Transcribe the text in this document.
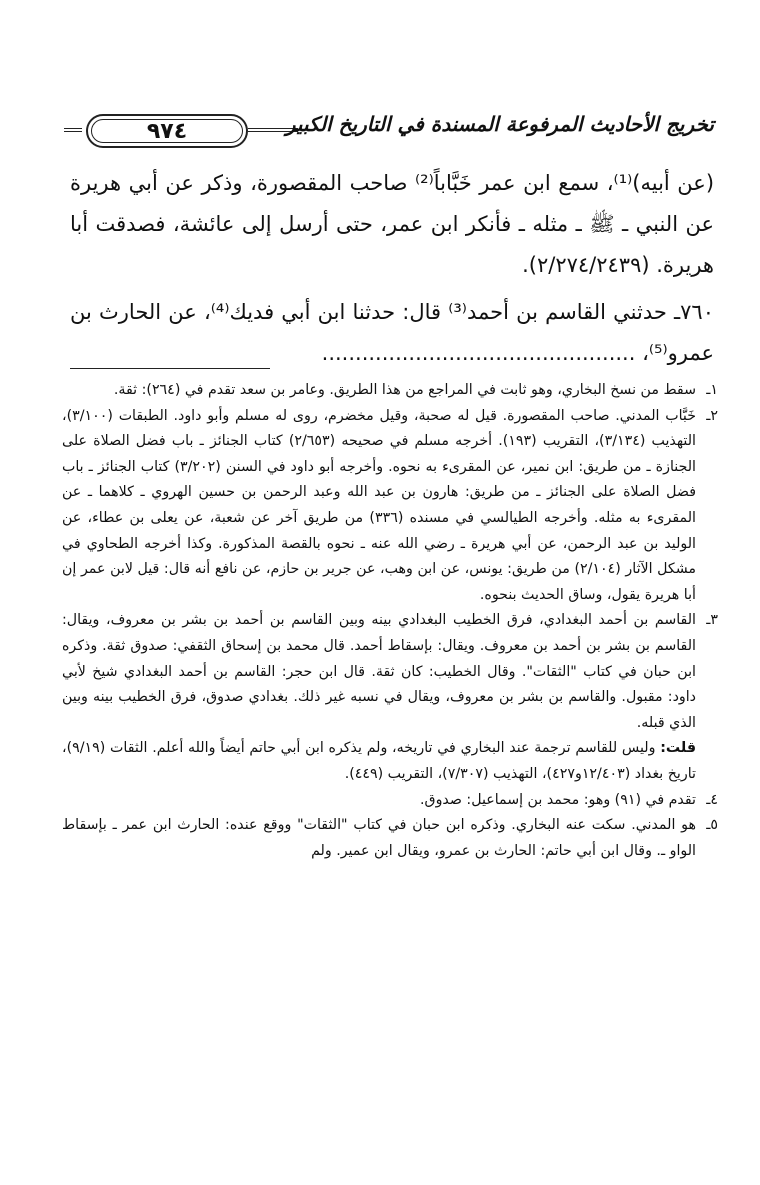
٩٧٤	تخريج الأحاديث المرفوعة المسندة في التاريخ الكبير

(عن أبيه)⁽¹⁾، سمع ابن عمر خَبَّاباً⁽²⁾ صاحب المقصورة، وذكر عن أبي هريرة عن النبي ـ ﷺ ـ مثله ـ فأنكر ابن عمر، حتى أرسل إلى عائشة، فصدقت أبا هريرة. (٢/٢٧٤/٢٤٣٩).

٧٦٠ـ حدثني القاسم بن أحمد⁽³⁾ قال: حدثنا ابن أبي فديك⁽⁴⁾، عن الحارث بن عمرو⁽⁵⁾، ...............................................

١ـ
سقط من نسخ البخاري، وهو ثابت في المراجع من هذا الطريق. وعامر بن سعد تقدم في (٢٦٤): ثقة.
٢ـ
خَبَّاب المدني. صاحب المقصورة. قيل له صحبة، وقيل مخضرم، روى له مسلم وأبو داود. الطبقات (٣/١٠٠)، التهذيب (٣/١٣٤)، التقريب (١٩٣). أخرجه مسلم في صحيحه (٢/٦٥٣) كتاب الجنائز ـ باب فضل الصلاة على الجنازة ـ من طريق: ابن نمير، عن المقرىء به نحوه. وأخرجه أبو داود في السنن (٣/٢٠٢) كتاب الجنائز ـ باب فضل الصلاة على الجنائز ـ من طريق: هارون بن عبد الله وعبد الرحمن بن حسين الهروي ـ كلاهما ـ عن المقرىء به مثله. وأخرجه الطيالسي في مسنده (٣٣٦) من طريق آخر عن شعبة، عن يعلى بن عطاء، عن الوليد بن عبد الرحمن، عن أبي هريرة ـ رضي الله عنه ـ نحوه بالقصة المذكورة. وكذا أخرجه الطحاوي في مشكل الآثار (٢/١٠٤) من طريق: يونس، عن ابن وهب، عن جرير بن حازم، عن نافع أنه قال: قيل لابن عمر إن أبا هريرة يقول، وساق الحديث بنحوه.
٣ـ
القاسم بن أحمد البغدادي، فرق الخطيب البغدادي بينه وبين القاسم بن أحمد بن بشر بن معروف، ويقال: القاسم بن بشر بن أحمد بن معروف. ويقال: بإسقاط أحمد. قال محمد بن إسحاق الثقفي: صدوق ثقة. وذكره ابن حبان في كتاب "الثقات". وقال الخطيب: كان ثقة. قال ابن حجر: القاسم بن أحمد البغدادي شيخ لأبي داود: مقبول. والقاسم بن بشر بن معروف، ويقال في نسبه غير ذلك. بغدادي صدوق، فرق الخطيب بينه وبين الذي قبله.
قلت: وليس للقاسم ترجمة عند البخاري في تاريخه، ولم يذكره ابن أبي حاتم أيضاً والله أعلم. الثقات (٩/١٩)، تاريخ بغداد (١٢/٤٠٣و٤٢٧)، التهذيب (٧/٣٠٧)، التقريب (٤٤٩).
٤ـ
تقدم في (٩١) وهو: محمد بن إسماعيل: صدوق.
٥ـ
هو المدني. سكت عنه البخاري. وذكره ابن حبان في كتاب "الثقات" ووقع عنده: الحارث ابن عمر ـ بإسقاط الواو ـ. وقال ابن أبي حاتم: الحارث بن عمرو، ويقال ابن عمير. ولم
